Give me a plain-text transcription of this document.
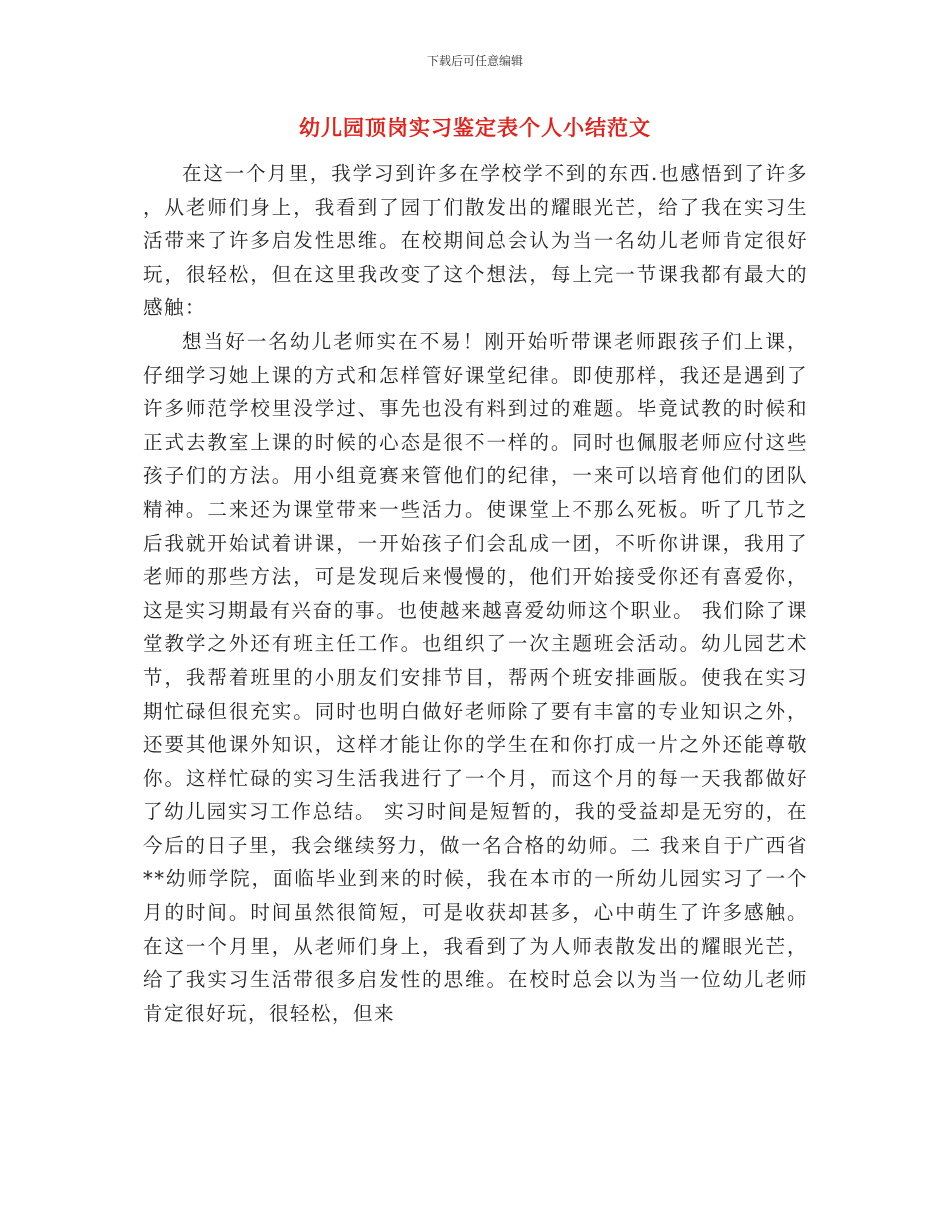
下载后可任意编辑
幼儿园顶岗实习鉴定表个人小结范文

在这一个月里，我学习到许多在学校学不到的东西.也感悟到了许多 ，从老师们身上，我看到了园丁们散发出的耀眼光芒，给了我在实习生活带来了许多启发性思维。在校期间总会认为当一名幼儿老师肯定很好玩，很轻松，但在这里我改变了这个想法，每上完一节课我都有最大的感触：

想当好一名幼儿老师实在不易！刚开始听带课老师跟孩子们上课，仔细学习她上课的方式和怎样管好课堂纪律。即使那样，我还是遇到了许多师范学校里没学过、事先也没有料到过的难题。毕竟试教的时候和正式去教室上课的时候的心态是很不一样的。同时也佩服老师应付这些孩子们的方法。用小组竟赛来管他们的纪律，一来可以培育他们的团队精神。二来还为课堂带来一些活力。使课堂上不那么死板。听了几节之后我就开始试着讲课，一开始孩子们会乱成一团，不听你讲课，我用了老师的那些方法，可是发现后来慢慢的，他们开始接受你还有喜爱你，这是实习期最有兴奋的事。也使越来越喜爱幼师这个职业。 我们除了课堂教学之外还有班主任工作。也组织了一次主题班会活动。幼儿园艺术节，我帮着班里的小朋友们安排节目，帮两个班安排画版。使我在实习期忙碌但很充实。同时也明白做好老师除了要有丰富的专业知识之外，还要其他课外知识，这样才能让你的学生在和你打成一片之外还能尊敬你。这样忙碌的实习生活我进行了一个月，而这个月的每一天我都做好了幼儿园实习工作总结。 实习时间是短暂的，我的受益却是无穷的，在今后的日子里，我会继续努力，做一名合格的幼师。二 我来自于广西省**幼师学院，面临毕业到来的时候，我在本市的一所幼儿园实习了一个月的时间。时间虽然很简短，可是收获却甚多，心中萌生了许多感触。 在这一个月里，从老师们身上，我看到了为人师表散发出的耀眼光芒，给了我实习生活带很多启发性的思维。在校时总会以为当一位幼儿老师肯定很好玩，很轻松，但来
